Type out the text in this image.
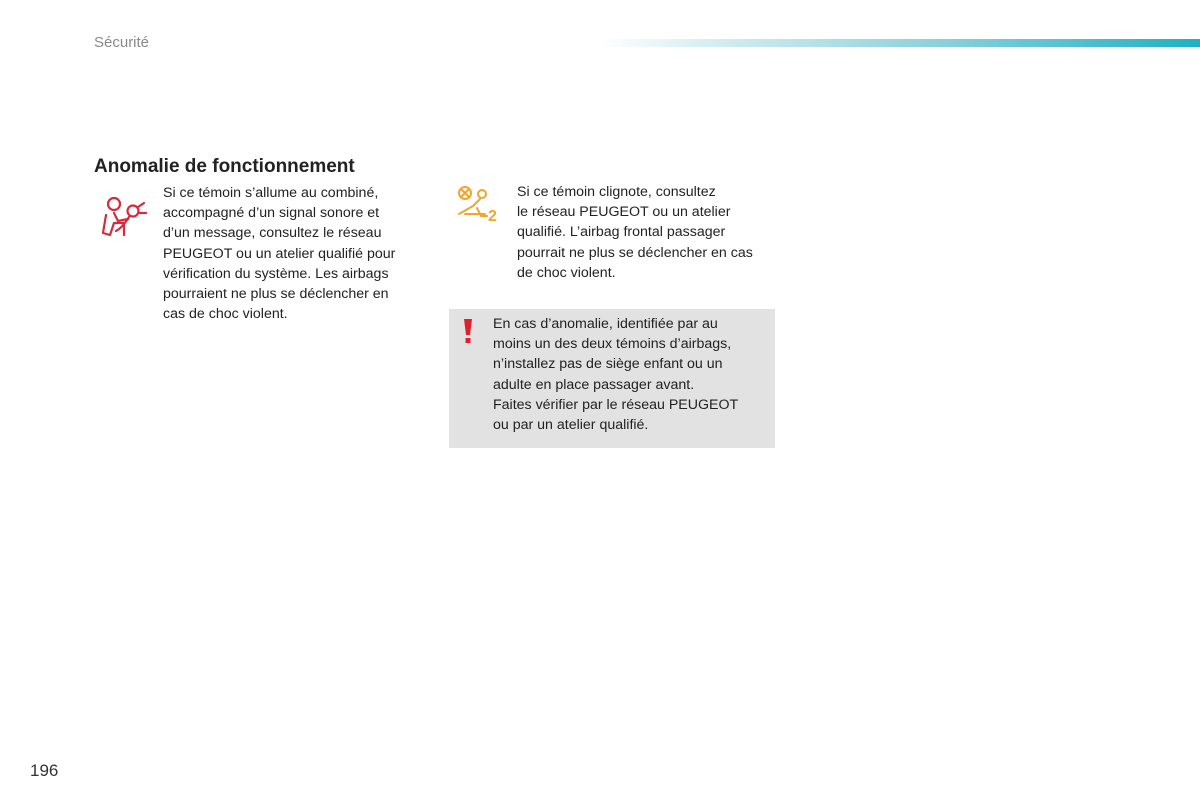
Sécurité
Anomalie de fonctionnement
Si ce témoin s’allume au combiné,
accompagné d’un signal sonore et
d’un message, consultez le réseau
PEUGEOT ou un atelier qualifié pour
vérification du système. Les airbags
pourraient ne plus se déclencher en
cas de choc violent.
2
Si ce témoin clignote, consultez
le réseau PEUGEOT ou un atelier
qualifié. L’airbag frontal passager
pourrait ne plus se déclencher en cas
de choc violent.
En cas d’anomalie, identifiée par au
moins un des deux témoins d’airbags,
n’installez pas de siège enfant ou un
adulte en place passager avant.
Faites vérifier par le réseau PEUGEOT
ou par un atelier qualifié.
196
